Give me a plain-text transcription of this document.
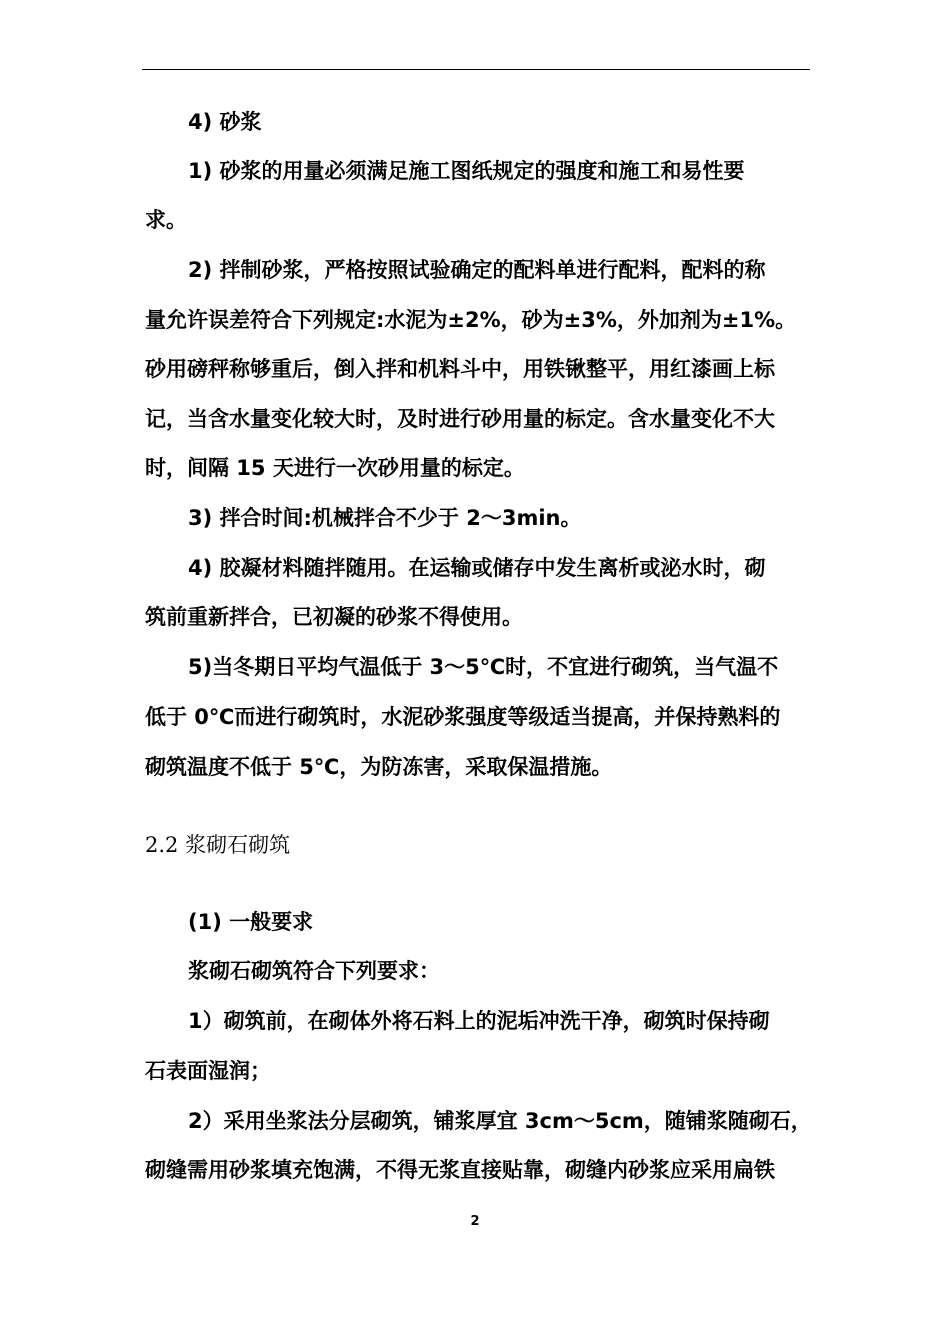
4) 砂浆
1) 砂浆的用量必须满足施工图纸规定的强度和施工和易性要
求。
2) 拌制砂浆，严格按照试验确定的配料单进行配料，配料的称
量允许误差符合下列规定:水泥为±2%，砂为±3%，外加剂为±1%。
砂用磅秤称够重后，倒入拌和机料斗中，用铁锹整平，用红漆画上标
记，当含水量变化较大时，及时进行砂用量的标定。含水量变化不大
时，间隔 15 天进行一次砂用量的标定。
3) 拌合时间:机械拌合不少于 2～3min。
4) 胶凝材料随拌随用。在运输或储存中发生离析或泌水时，砌
筑前重新拌合，已初凝的砂浆不得使用。
5)当冬期日平均气温低于 3～5℃时，不宜进行砌筑，当气温不
低于 0℃而进行砌筑时，水泥砂浆强度等级适当提高，并保持熟料的
砌筑温度不低于 5℃，为防冻害，采取保温措施。
2.2 浆砌石砌筑
(1) 一般要求
浆砌石砌筑符合下列要求：
1）砌筑前，在砌体外将石料上的泥垢冲洗干净，砌筑时保持砌
石表面湿润；
2）采用坐浆法分层砌筑，铺浆厚宜 3cm～5cm，随铺浆随砌石，
砌缝需用砂浆填充饱满，不得无浆直接贴靠，砌缝内砂浆应采用扁铁
2
